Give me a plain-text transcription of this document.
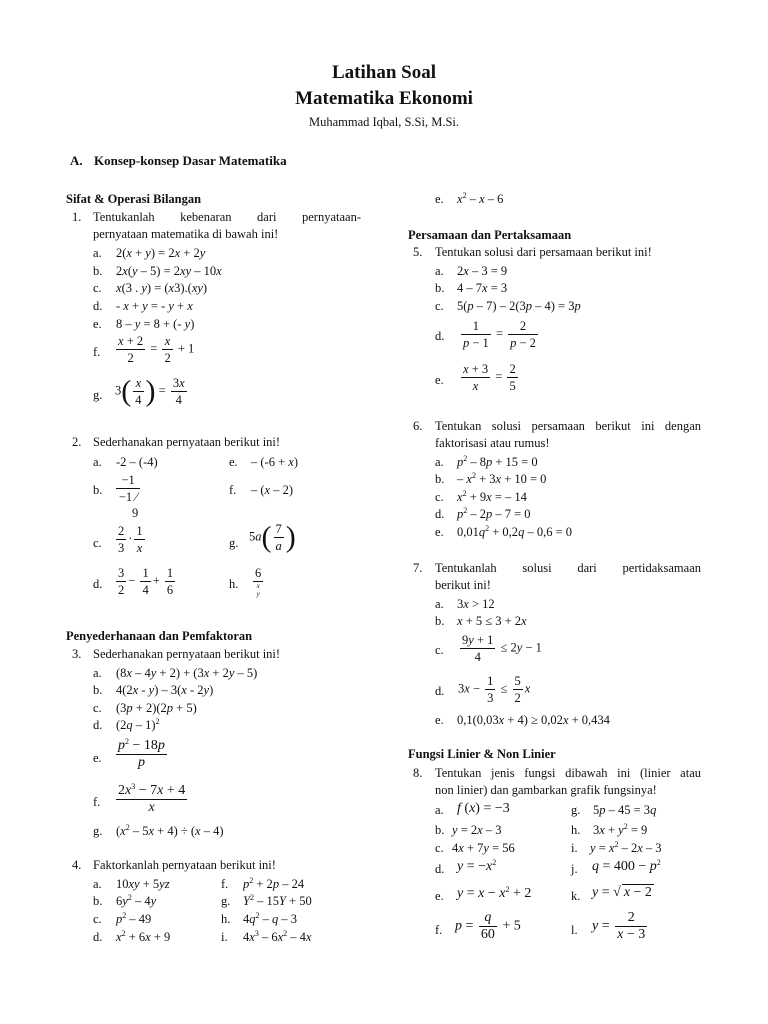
Latihan Soal
Matematika Ekonomi
Muhammad Iqbal, S.Si, M.Si.
A. Konsep-konsep Dasar Matematika
Sifat & Operasi Bilangan
1. Tentukanlah kebenaran dari pernyataan-
pernyataan matematika di bawah ini!
a. 2(x + y) = 2x + 2y
b. 2x(y – 5) = 2xy – 10x
c. x(3 . y) = (x3).(xy)
d. - x + y = - y + x
e. 8 – y = 8 + (- y)
f. $\frac{x + 2}{2} = \frac{x}{2} + 1$
g. $3( \frac{x}{4}$ ) = $\frac{3x}{4}$
2. Sederhanakan pernyataan berikut ini!
a. -2 – (-4)	e. – (-6 + x)
b.
−1
−1 ⁄
9
f. – (x – 2)
c. $\frac{2}{3} \cdot \frac{1}{x}$	g. $5a( \frac{7}{a}$ )
d. $\frac{3}{2} - \frac{1}{4} + \frac{1}{6}$	h.
6
x
y
Penyederhanaan dan Pemfaktoran
3. Sederhanakan pernyataan berikut ini!
a. (8x – 4y + 2) + (3x + 2y – 5)
b. 4(2x - y) – 3(x - 2y)
c. (3p + 2)(2p + 5)
d. (2q – 1)$^2$
e. $\frac{p^2 - 18p}{p}$
f. $\frac{2x^3 - 7x + 4}{x}$
g. $(x^2 - 5x + 4) \div (x - 4)$
4. Faktorkanlah pernyataan berikut ini!
a. 10xy + 5yz	f. $p^2 + 2p - 24$
b. $6y^2 - 4y$	g. $Y^2 - 15Y + 50$
c. $p^2 - 49$	h. $4q^2$ – q – 3
d. $x^2 + 6x + 9$	i. $4x^3 - 6x^2 - 4x$
e. $x^2$ – x – 6
Persamaan dan Pertaksamaan
5. Tentukan solusi dari persamaan berikut ini!
a. 2x – 3 = 9
b. 4 – 7x = 3
c. 5(p – 7) – 2(3p – 4) = 3p
d. $\frac{1}{p - 1} = \frac{2}{p - 2}$
e. $\frac{x + 3}{x} = \frac{2}{5}$
6. Tentukan solusi persamaan berikut ini dengan
faktorisasi atau rumus!
a. $p^2 - 8p + 15 = 0$
b. – $x^2 + 3x + 10 = 0$
c. $x^2 + 9x$ = – 14
d. $p^2 - 2p - 7 = 0$
e. $0,01q^2 + 0,2q - 0,6 = 0$
7. Tentukanlah solusi dari pertidaksamaan
berikut ini!
a. 3x > 12
b. x + 5 ≤ 3 + 2x
c. $\frac{9y + 1}{4} \le 2y - 1$
d. $3x - \frac{1}{3} \le \frac{5}{2}$ x
e. 0,1(0,03x + 4) ≥ 0,02x + 0,434
Fungsi Linier & Non Linier
8. Tentukan jenis fungsi dibawah ini (linier atau
non linier) dan gambarkan grafik fungsinya!
a. f (x) = −3	g. 5p – 45 = 3q
b. y = 2x – 3	h. $3x + y^2 = 9$
c. 4x + 7y = 56	i. $y = x^2 - 2x - 3$
d. $y = -x^2$	j. $q = 400 - p^2$
e. $y = x - x^2 + 2$	k. y = √ x − 2
f. $p = \frac{q}{60} + 5$	l. $y = \frac{2}{x - 3}$
